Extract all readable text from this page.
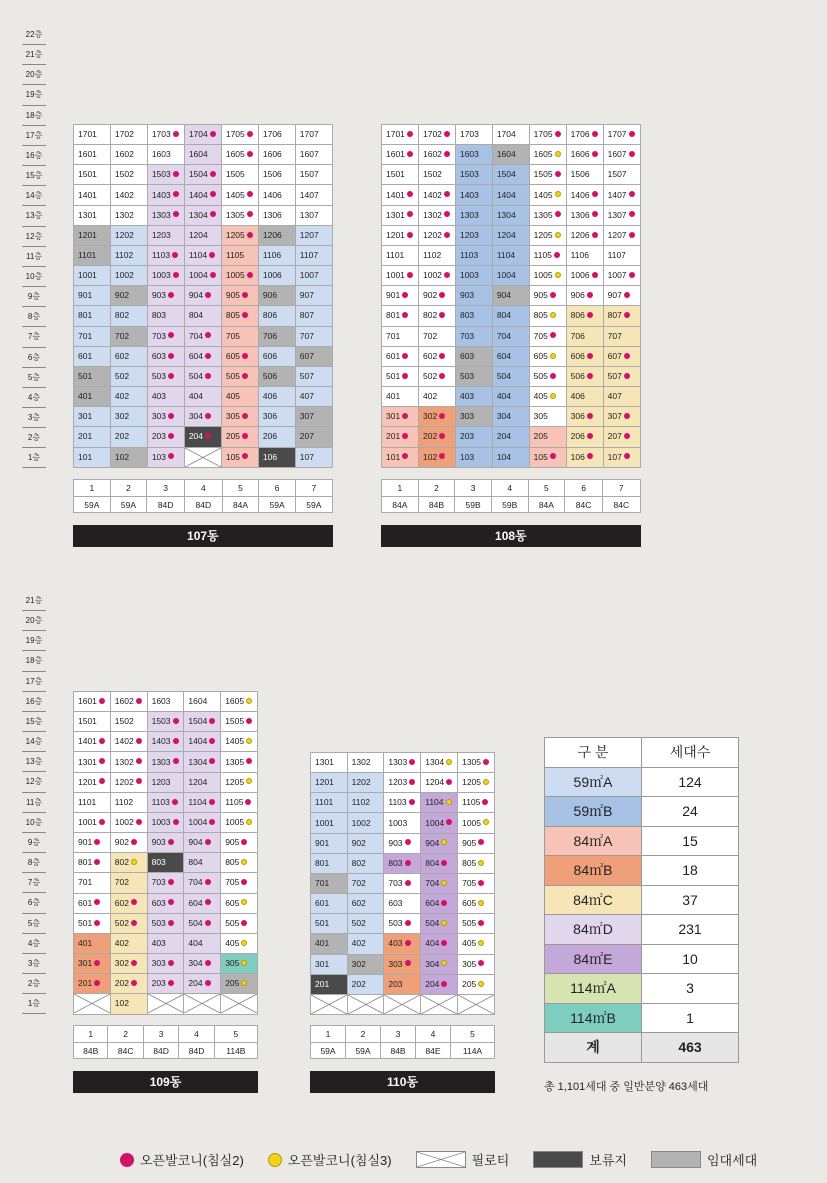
22층
21층
20층
19층
18층
17층
16층
15층
14층
13층
12층
11층
10층
9층
8층
7층
6층
5층
4층
3층
2층
1층
21층
20층
19층
18층
17층
16층
15층
14층
13층
12층
11층
10층
9층
8층
7층
6층
5층
4층
3층
2층
1층
1701	1702	1703	1704	1705	1706	1707
1601	1602	1603	1604	1605	1606	1607
1501	1502	1503	1504	1505	1506	1507
1401	1402	1403	1404	1405	1406	1407
1301	1302	1303	1304	1305	1306	1307
1201	1202	1203	1204	1205	1206	1207
1101	1102	1103	1104	1105	1106	1107
1001	1002	1003	1004	1005	1006	1007
901	902	903	904	905	906	907
801	802	803	804	805	806	807
701	702	703	704	705	706	707
601	602	603	604	605	606	607
501	502	503	504	505	506	507
401	402	403	404	405	406	407
301	302	303	304	305	306	307
201	202	203	204	205	206	207
101	102	103		105	106	107
1	2	3	4	5	6	7
59A	59A	84D	84D	84A	59A	59A
107동
1701	1702	1703	1704	1705	1706	1707
1601	1602	1603	1604	1605	1606	1607
1501	1502	1503	1504	1505	1506	1507
1401	1402	1403	1404	1405	1406	1407
1301	1302	1303	1304	1305	1306	1307
1201	1202	1203	1204	1205	1206	1207
1101	1102	1103	1104	1105	1106	1107
1001	1002	1003	1004	1005	1006	1007
901	902	903	904	905	906	907
801	802	803	804	805	806	807
701	702	703	704	705	706	707
601	602	603	604	605	606	607
501	502	503	504	505	506	507
401	402	403	404	405	406	407
301	302	303	304	305	306	307
201	202	203	204	205	206	207
101	102	103	104	105	106	107
1	2	3	4	5	6	7
84A	84B	59B	59B	84A	84C	84C
108동
1601	1602	1603	1604	1605
1501	1502	1503	1504	1505
1401	1402	1403	1404	1405
1301	1302	1303	1304	1305
1201	1202	1203	1204	1205
1101	1102	1103	1104	1105
1001	1002	1003	1004	1005
901	902	903	904	905
801	802	803	804	805
701	702	703	704	705
601	602	603	604	605
501	502	503	504	505
401	402	403	404	405
301	302	303	304	305
201	202	203	204	205
	102			
1	2	3	4	5
84B	84C	84D	84D	114B
109동
1301	1302	1303	1304	1305
1201	1202	1203	1204	1205
1101	1102	1103	1104	1105
1001	1002	1003	1004	1005
901	902	903	904	905
801	802	803	804	805
701	702	703	704	705
601	602	603	604	605
501	502	503	504	505
401	402	403	404	405
301	302	303	304	305
201	202	203	204	205

1	2	3	4	5
59A	59A	84B	84E	114A
110동
구 분	세대수
59㎡A	124
59㎡B	24
84㎡A	15
84㎡B	18
84㎡C	37
84㎡D	231
84㎡E	10
114㎡A	3
114㎡B	1
계	463
총 1,101세대 중 일반분양 463세대
오픈발코니(침실2)	오픈발코니(침실3)	필로티	보류지	임대세대
